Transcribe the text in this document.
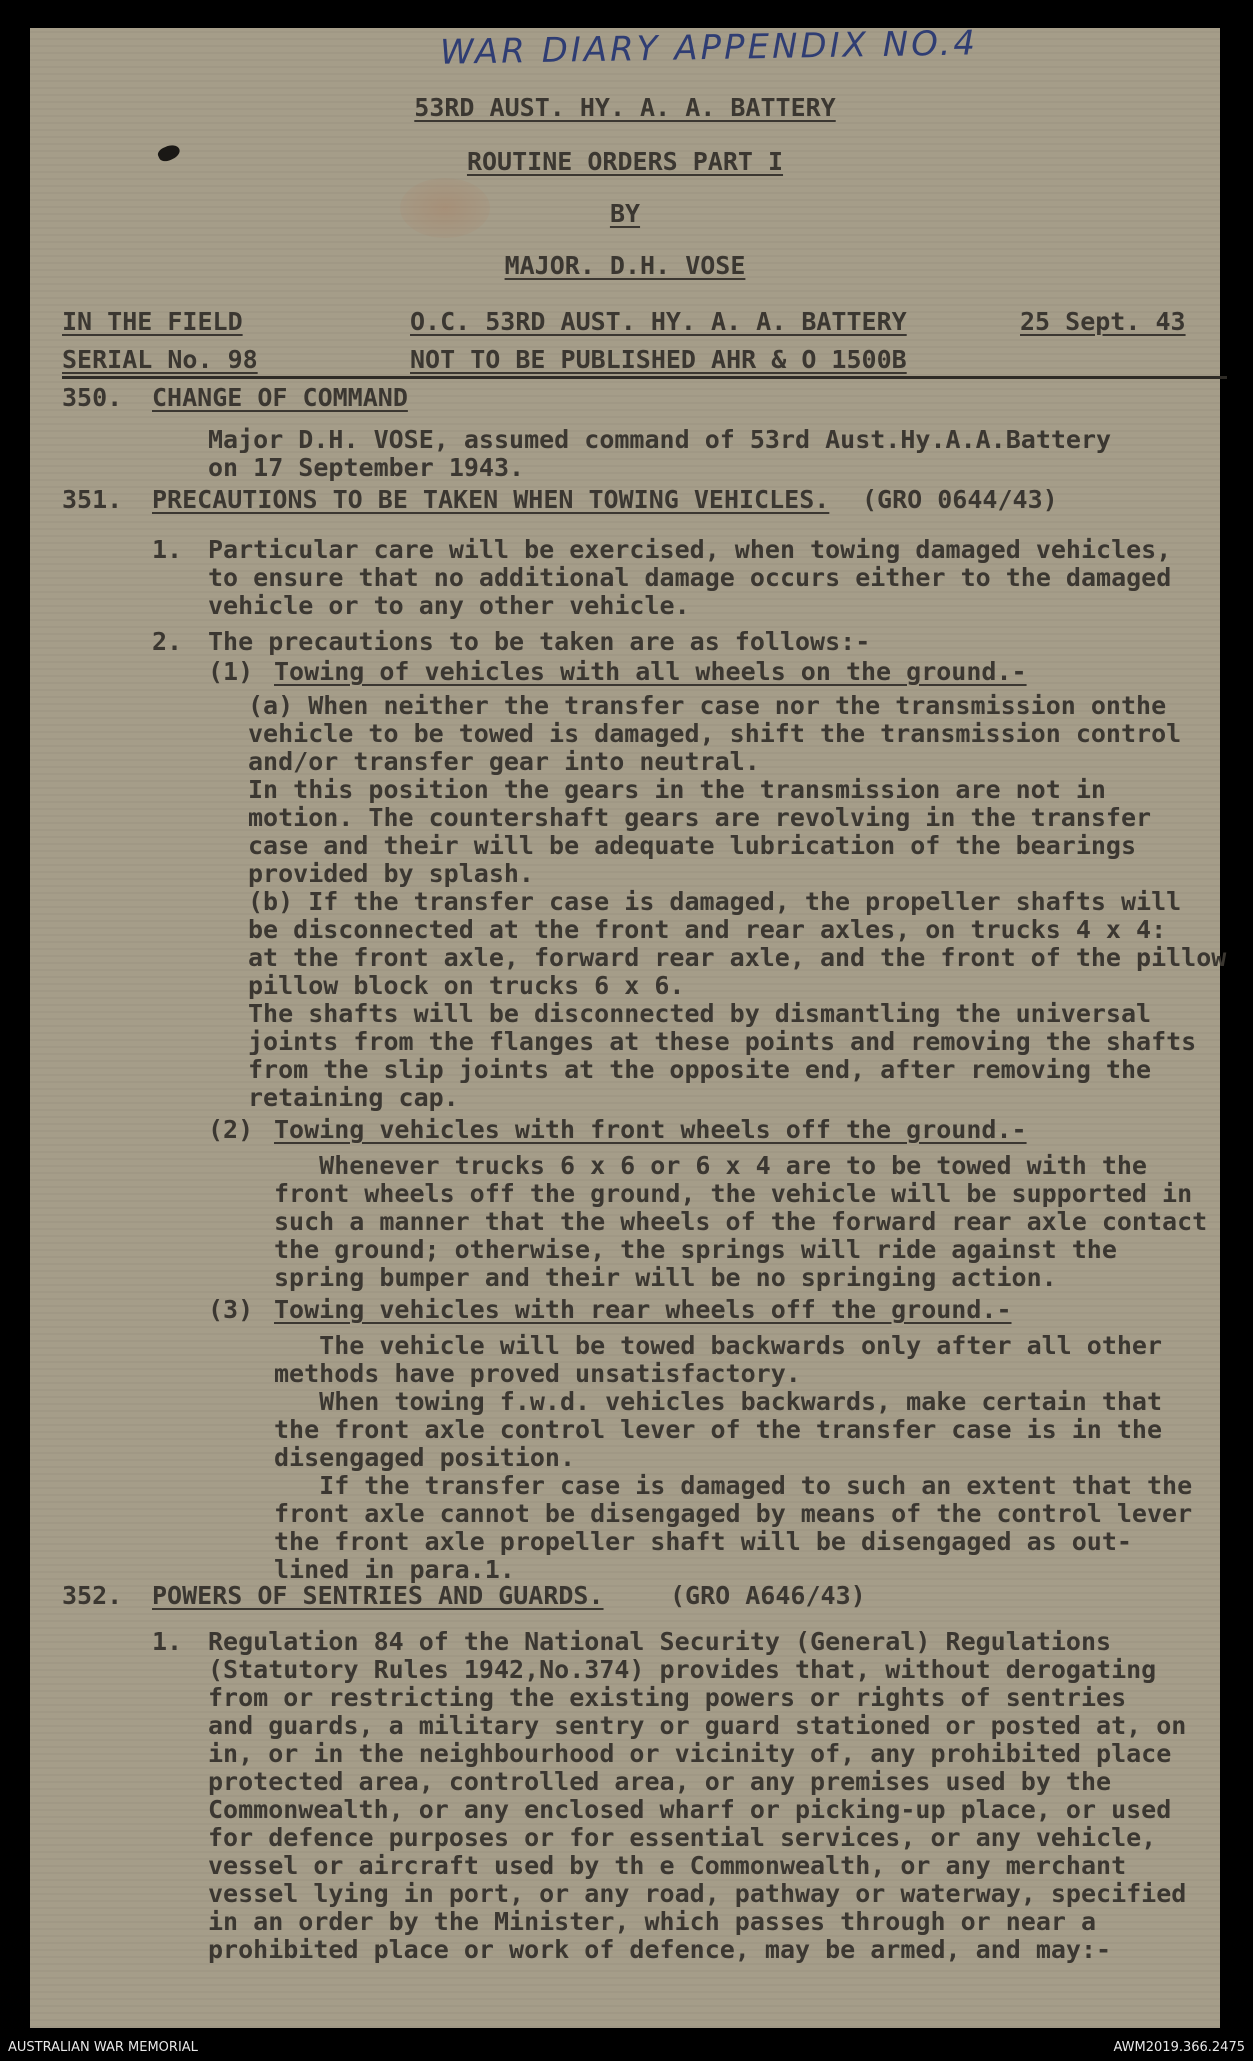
WAR DIARY APPENDIX NO.4
53RD AUST. HY. A. A. BATTERY
ROUTINE ORDERS PART I
BY
MAJOR. D.H. VOSE
IN THE FIELD	O.C. 53RD AUST. HY. A. A. BATTERY	25 Sept. 43
SERIAL No. 98	NOT TO BE PUBLISHED AHR & O 1500B
350. CHANGE OF COMMAND
Major D.H. VOSE, assumed command of 53rd Aust.Hy.A.A.Battery
on 17 September 1943.
351. PRECAUTIONS TO BE TAKEN WHEN TOWING VEHICLES. (GRO 0644/43)
1. Particular care will be exercised, when towing damaged vehicles,
to ensure that no additional damage occurs either to the damaged
vehicle or to any other vehicle.
2. The precautions to be taken are as follows:-
(1) Towing of vehicles with all wheels on the ground.-
(a) When neither the transfer case nor the transmission onthe
vehicle to be towed is damaged, shift the transmission control
and/or transfer gear into neutral.
In this position the gears in the transmission are not in
motion. The countershaft gears are revolving in the transfer
case and their will be adequate lubrication of the bearings
provided by splash.
(b) If the transfer case is damaged, the propeller shafts will
be disconnected at the front and rear axles, on trucks 4 x 4:
at the front axle, forward rear axle, and the front of the pillow
pillow block on trucks 6 x 6.
The shafts will be disconnected by dismantling the universal
joints from the flanges at these points and removing the shafts
from the slip joints at the opposite end, after removing the
retaining cap.
(2) Towing vehicles with front wheels off the ground.-
Whenever trucks 6 x 6 or 6 x 4 are to be towed with the
front wheels off the ground, the vehicle will be supported in
such a manner that the wheels of the forward rear axle contact
the ground; otherwise, the springs will ride against the
spring bumper and their will be no springing action.
(3) Towing vehicles with rear wheels off the ground.-
The vehicle will be towed backwards only after all other
methods have proved unsatisfactory.
When towing f.w.d. vehicles backwards, make certain that
the front axle control lever of the transfer case is in the
disengaged position.
If the transfer case is damaged to such an extent that the
front axle cannot be disengaged by means of the control lever
the front axle propeller shaft will be disengaged as out-
lined in para.1.
352. POWERS OF SENTRIES AND GUARDS.	(GRO A646/43)
1. Regulation 84 of the National Security (General) Regulations
(Statutory Rules 1942,No.374) provides that, without derogating
from or restricting the existing powers or rights of sentries
and guards, a military sentry or guard stationed or posted at, on
in, or in the neighbourhood or vicinity of, any prohibited place
protected area, controlled area, or any premises used by the
Commonwealth, or any enclosed wharf or picking-up place, or used
for defence purposes or for essential services, or any vehicle,
vessel or aircraft used by th e Commonwealth, or any merchant
vessel lying in port, or any road, pathway or waterway, specified
in an order by the Minister, which passes through or near a
prohibited place or work of defence, may be armed, and may:-
AUSTRALIAN WAR MEMORIAL	AWM2019.366.2475
